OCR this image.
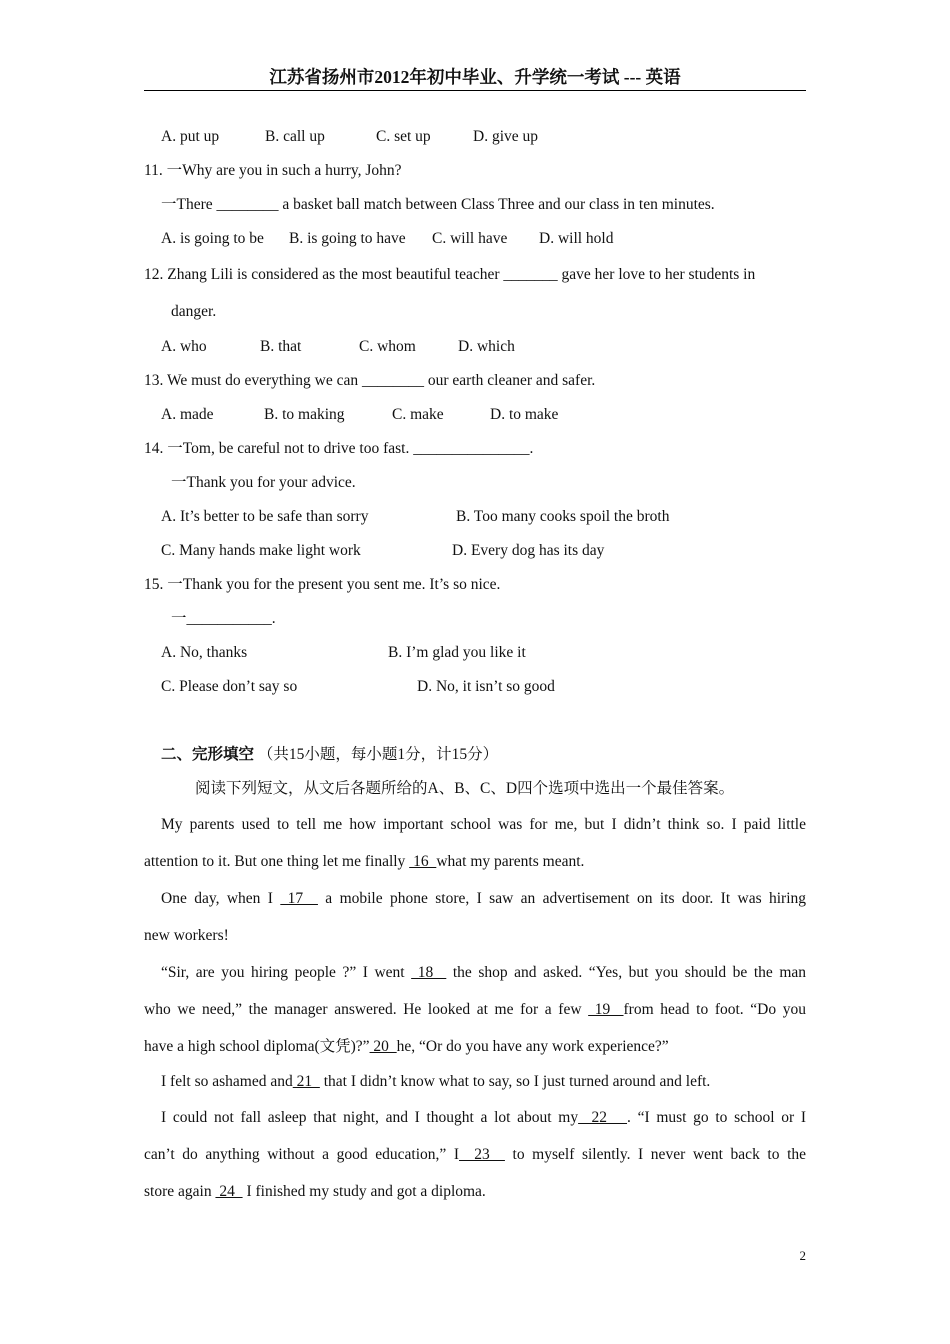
江苏省扬州市2012年初中毕业、升学统一考试 --- 英语
A. put up	B. call up	C. set up	D. give up
11. 一Why are you in such a hurry, John?
一There ________ a basket ball match between Class Three and our class in ten minutes.
A. is going to be B. is going to have C. will have D. will hold
12. Zhang Lili is considered as the most beautiful teacher _______ gave her love to her students in
danger.
A. who	B. that	C. whom	D. which
13. We must do everything we can ________ our earth cleaner and safer.
A. made	B. to making	C. make	D. to make
14. 一Tom, be careful not to drive too fast. _______________.
一Thank you for your advice.
A. It’s better to be safe than sorry	B. Too many cooks spoil the broth
C. Many hands make light work	D. Every dog has its day
15. 一Thank you for the present you sent me. It’s so nice.
一___________.
A. No, thanks	B. I’m glad you like it
C. Please don’t say so	D. No, it isn’t so good
二、完形填空 （共15小题，每小题1分，计15分）
阅读下列短文，从文后各题所给的A、B、C、D四个选项中选出一个最佳答案。
My parents used to tell me how important school was for me, but I didn’t think so. I paid little
attention to it. But one thing let me finally  16  what my parents meant.
One day, when I  17   a mobile phone store, I saw an advertisement on its door. It was hiring
new workers!
“Sir, are you hiring people ?” I went  18   the shop and asked. “Yes, but you should be the man
who we need,” the manager answered. He looked at me for a few  19  from head to foot. “Do you
have a high school diploma(文凭)?” 20  he, “Or do you have any work experience?”
I felt so ashamed and 21   that I didn’t know what to say, so I just turned around and left.
I could not fall asleep that night, and I thought a lot about my  22   . “I must go to school or I
can’t do anything without a good education,” I  23   to myself silently. I never went back to the
store again  24   I finished my study and got a diploma.
2
